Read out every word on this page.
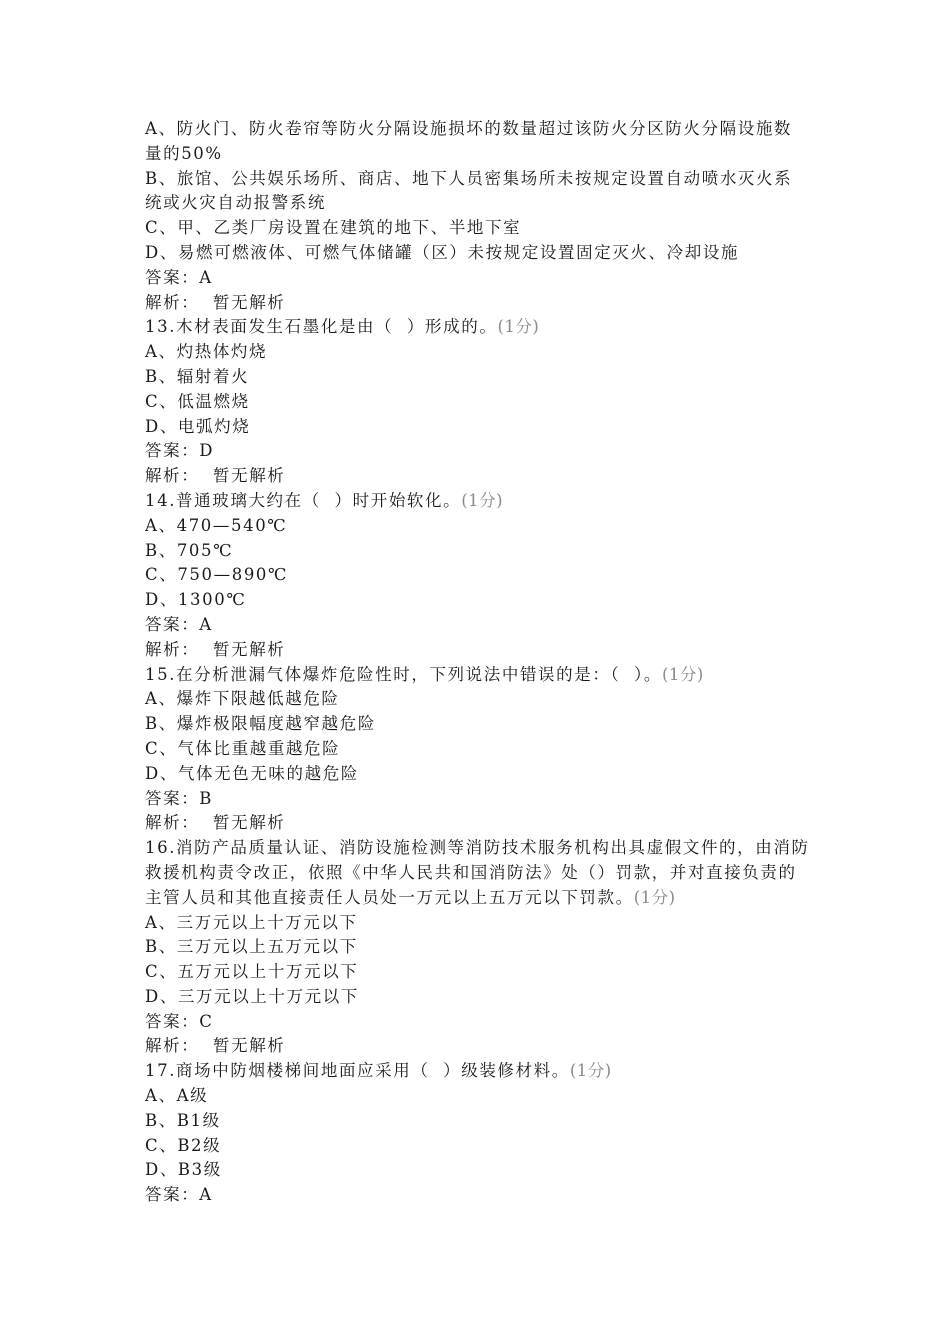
A、防火门、防火卷帘等防火分隔设施损坏的数量超过该防火分区防火分隔设施数量的50%
B、旅馆、公共娱乐场所、商店、地下人员密集场所未按规定设置自动喷水灭火系统或火灾自动报警系统
C、甲、乙类厂房设置在建筑的地下、半地下室
D、易燃可燃液体、可燃气体储罐（区）未按规定设置固定灭火、冷却设施
答案：A
解析：  暂无解析
13.木材表面发生石墨化是由（  ）形成的。(1分)
A、灼热体灼烧
B、辐射着火
C、低温燃烧
D、电弧灼烧
答案：D
解析：  暂无解析
14.普通玻璃大约在（  ）时开始软化。(1分)
A、470—540℃
B、705℃
C、750—890℃
D、1300℃
答案：A
解析：  暂无解析
15.在分析泄漏气体爆炸危险性时，下列说法中错误的是：（  ）。(1分)
A、爆炸下限越低越危险
B、爆炸极限幅度越窄越危险
C、气体比重越重越危险
D、气体无色无味的越危险
答案：B
解析：  暂无解析
16.消防产品质量认证、消防设施检测等消防技术服务机构出具虚假文件的，由消防救援机构责令改正，依照《中华人民共和国消防法》处（）罚款，并对直接负责的主管人员和其他直接责任人员处一万元以上五万元以下罚款。(1分)
A、三万元以上十万元以下
B、三万元以上五万元以下
C、五万元以上十万元以下
D、三万元以上十万元以下
答案：C
解析：  暂无解析
17.商场中防烟楼梯间地面应采用（  ）级装修材料。(1分)
A、A级
B、B1级
C、B2级
D、B3级
答案：A
